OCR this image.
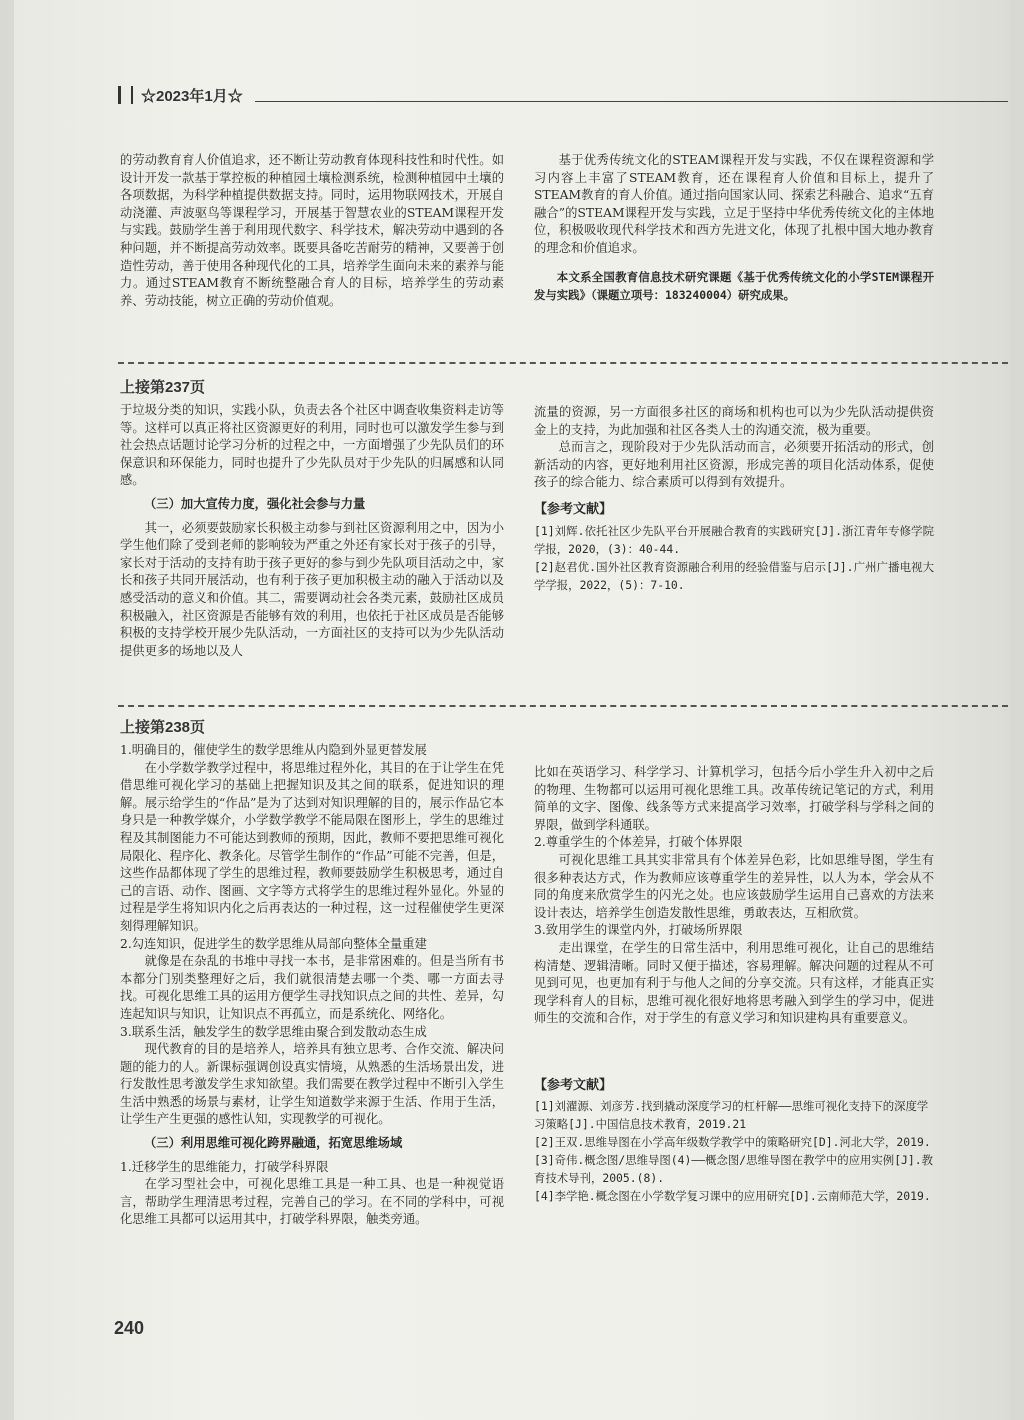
☆2023年1月☆

的劳动教育育人价值追求，还不断让劳动教育体现科技性和时代性。如设计开发一款基于掌控板的种植园土壤检测系统，检测种植园中土壤的各项数据，为科学种植提供数据支持。同时，运用物联网技术，开展自动浇灌、声波驱鸟等课程学习，开展基于智慧农业的STEAM课程开发与实践。鼓励学生善于利用现代数字、科学技术，解决劳动中遇到的各种问题，并不断提高劳动效率。既要具备吃苦耐劳的精神，又要善于创造性劳动，善于使用各种现代化的工具，培养学生面向未来的素养与能力。通过STEAM教育不断统整融合育人的目标，培养学生的劳动素养、劳动技能，树立正确的劳动价值观。

基于优秀传统文化的STEAM课程开发与实践，不仅在课程资源和学习内容上丰富了STEAM教育，还在课程育人价值和目标上，提升了STEAM教育的育人价值。通过指向国家认同、探索艺科融合、追求“五育融合”的STEAM课程开发与实践，立足于坚持中华优秀传统文化的主体地位，积极吸收现代科学技术和西方先进文化，体现了扎根中国大地办教育的理念和价值追求。

本文系全国教育信息技术研究课题《基于优秀传统文化的小学STEM课程开发与实践》（课题立项号：183240004）研究成果。
上接第237页

于垃圾分类的知识，实践小队，负责去各个社区中调查收集资料走访等等。这样可以真正将社区资源更好的利用，同时也可以激发学生参与到社会热点话题讨论学习分析的过程之中，一方面增强了少先队员们的环保意识和环保能力，同时也提升了少先队员对于少先队的归属感和认同感。

（三）加大宣传力度，强化社会参与力量

其一，必须要鼓励家长积极主动参与到社区资源利用之中，因为小学生他们除了受到老师的影响较为严重之外还有家长对于孩子的引导，家长对于活动的支持有助于孩子更好的参与到少先队项目活动之中，家长和孩子共同开展活动，也有利于孩子更加积极主动的融入于活动以及感受活动的意义和价值。其二，需要调动社会各类元素，鼓励社区成员积极融入，社区资源是否能够有效的利用，也依托于社区成员是否能够积极的支持学校开展少先队活动，一方面社区的支持可以为少先队活动提供更多的场地以及人

流量的资源，另一方面很多社区的商场和机构也可以为少先队活动提供资金上的支持，为此加强和社区各类人士的沟通交流，极为重要。

总而言之，现阶段对于少先队活动而言，必须要开拓活动的形式，创新活动的内容，更好地利用社区资源，形成完善的项目化活动体系，促使孩子的综合能力、综合素质可以得到有效提升。

【参考文献】
[1]刘辉.依托社区少先队平台开展融合教育的实践研究[J].浙江青年专修学院学报，2020，(3)：40-44.
[2]赵君优.国外社区教育资源融合利用的经验借鉴与启示[J].广州广播电视大学学报，2022，(5)：7-10.
上接第238页

1.明确目的，催使学生的数学思维从内隐到外显更替发展

在小学数学教学过程中，将思维过程外化，其目的在于让学生在凭借思维可视化学习的基础上把握知识及其之间的联系，促进知识的理解。展示给学生的“作品”是为了达到对知识理解的目的，展示作品它本身只是一种教学媒介，小学数学教学不能局限在图形上，学生的思维过程及其制图能力不可能达到教师的预期，因此，教师不要把思维可视化局限化、程序化、教条化。尽管学生制作的“作品”可能不完善，但是，这些作品都体现了学生的思维过程，教师要鼓励学生积极思考，通过自己的言语、动作、图画、文字等方式将学生的思维过程外显化。外显的过程是学生将知识内化之后再表达的一种过程，这一过程催使学生更深刻得理解知识。

2.勾连知识，促进学生的数学思维从局部向整体全量重建

就像是在杂乱的书堆中寻找一本书，是非常困难的。但是当所有书本都分门别类整理好之后，我们就很清楚去哪一个类、哪一方面去寻找。可视化思维工具的运用方便学生寻找知识点之间的共性、差异，勾连起知识与知识，让知识点不再孤立，而是系统化、网络化。

3.联系生活，触发学生的数学思维由聚合到发散动态生成

现代教育的目的是培养人，培养具有独立思考、合作交流、解决问题的能力的人。新课标强调创设真实情境，从熟悉的生活场景出发，进行发散性思考激发学生求知欲望。我们需要在教学过程中不断引入学生生活中熟悉的场景与素材，让学生知道数学来源于生活、作用于生活，让学生产生更强的感性认知，实现教学的可视化。

（三）利用思维可视化跨界融通，拓宽思维场域

1.迁移学生的思维能力，打破学科界限

在学习型社会中，可视化思维工具是一种工具、也是一种视觉语言，帮助学生理清思考过程，完善自己的学习。在不同的学科中，可视化思维工具都可以运用其中，打破学科界限，触类旁通。

比如在英语学习、科学学习、计算机学习，包括今后小学生升入初中之后的物理、生物都可以运用可视化思维工具。改革传统记笔记的方式，利用简单的文字、图像、线条等方式来提高学习效率，打破学科与学科之间的界限，做到学科通联。

2.尊重学生的个体差异，打破个体界限

可视化思维工具其实非常具有个体差异色彩，比如思维导图，学生有很多种表达方式，作为教师应该尊重学生的差异性，以人为本，学会从不同的角度来欣赏学生的闪光之处。也应该鼓励学生运用自己喜欢的方法来设计表达，培养学生创造发散性思维，勇敢表达，互相欣赏。

3.致用学生的课堂内外，打破场所界限

走出课堂，在学生的日常生活中，利用思维可视化，让自己的思维结构清楚、逻辑清晰。同时又便于描述，容易理解。解决问题的过程从不可见到可见，也更加有利于与他人之间的分享交流。只有这样，才能真正实现学科育人的目标，思维可视化很好地将思考融入到学生的学习中，促进师生的交流和合作，对于学生的有意义学习和知识建构具有重要意义。

【参考文献】
[1]刘濯源、刘彦芳.找到撬动深度学习的杠杆解——思维可视化支持下的深度学习策略[J].中国信息技术教育，2019.21
[2]王双.思维导图在小学高年级数学教学中的策略研究[D].河北大学，2019.
[3]奇伟.概念图/思维导图(4)——概念图/思维导图在教学中的应用实例[J].教育技术导刊，2005.(8).
[4]李学艳.概念图在小学数学复习课中的应用研究[D].云南师范大学，2019.
240
